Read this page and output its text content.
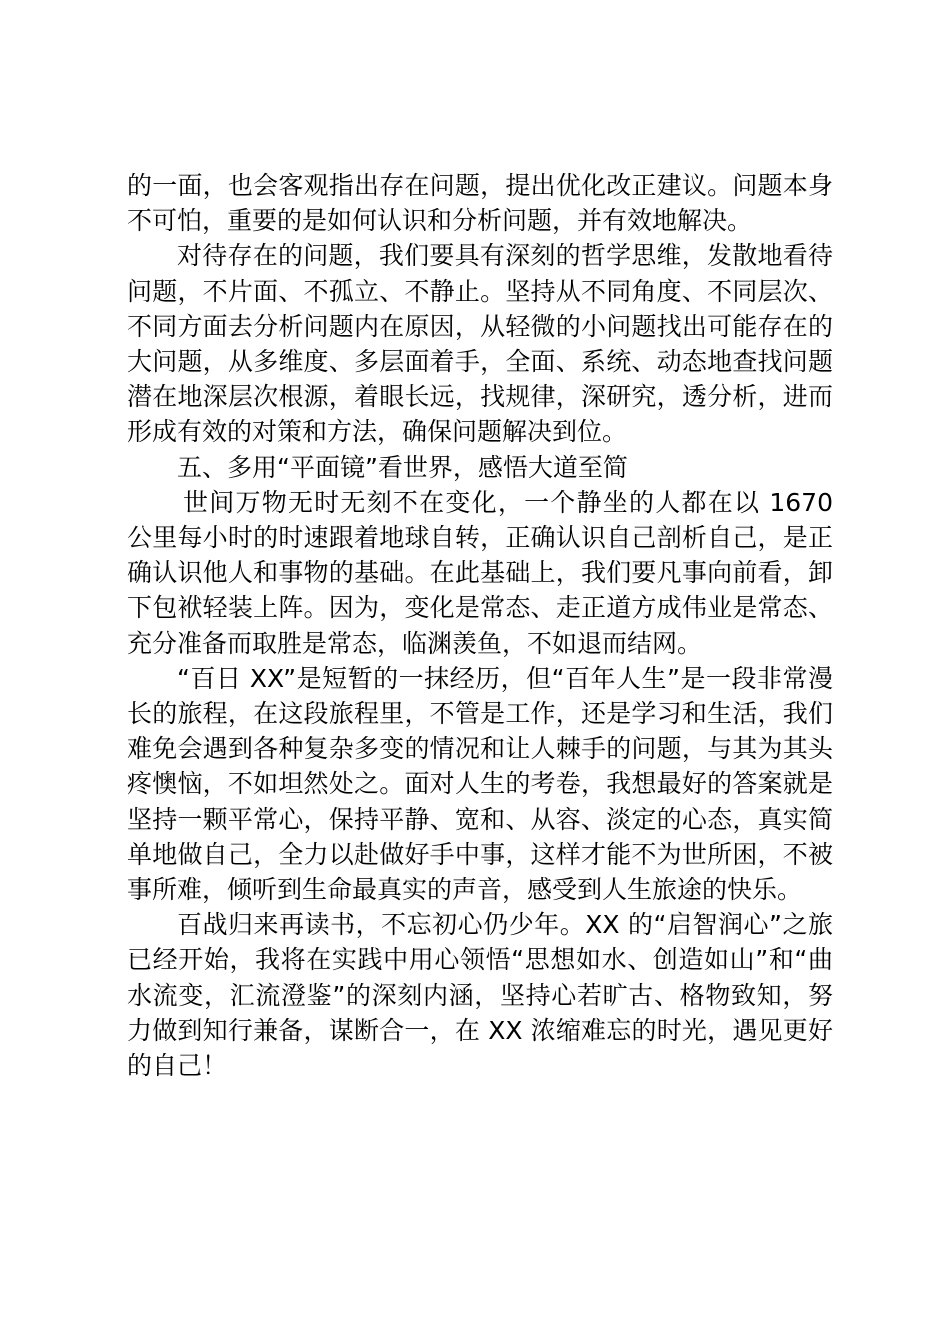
的一面，也会客观指出存在问题，提出优化改正建议。问题本身不可怕，重要的是如何认识和分析问题，并有效地解决。

对待存在的问题，我们要具有深刻的哲学思维，发散地看待问题，不片面、不孤立、不静止。坚持从不同角度、不同层次、不同方面去分析问题内在原因，从轻微的小问题找出可能存在的大问题，从多维度、多层面着手，全面、系统、动态地查找问题潜在地深层次根源，着眼长远，找规律，深研究，透分析，进而形成有效的对策和方法，确保问题解决到位。

五、多用“平面镜”看世界，感悟大道至简

世间万物无时无刻不在变化，一个静坐的人都在以 1670 公里每小时的时速跟着地球自转，正确认识自己剖析自己，是正确认识他人和事物的基础。在此基础上，我们要凡事向前看，卸下包袱轻装上阵。因为，变化是常态、走正道方成伟业是常态、充分准备而取胜是常态，临渊羡鱼，不如退而结网。

“百日 XX”是短暂的一抹经历，但“百年人生”是一段非常漫长的旅程，在这段旅程里，不管是工作，还是学习和生活，我们难免会遇到各种复杂多变的情况和让人棘手的问题，与其为其头疼懊恼，不如坦然处之。面对人生的考卷，我想最好的答案就是坚持一颗平常心，保持平静、宽和、从容、淡定的心态，真实简单地做自己，全力以赴做好手中事，这样才能不为世所困，不被事所难，倾听到生命最真实的声音，感受到人生旅途的快乐。

百战归来再读书，不忘初心仍少年。XX 的“启智润心”之旅已经开始，我将在实践中用心领悟“思想如水、创造如山”和“曲水流变，汇流澄鉴”的深刻内涵，坚持心若旷古、格物致知，努力做到知行兼备，谋断合一，在 XX 浓缩难忘的时光，遇见更好的自己！
